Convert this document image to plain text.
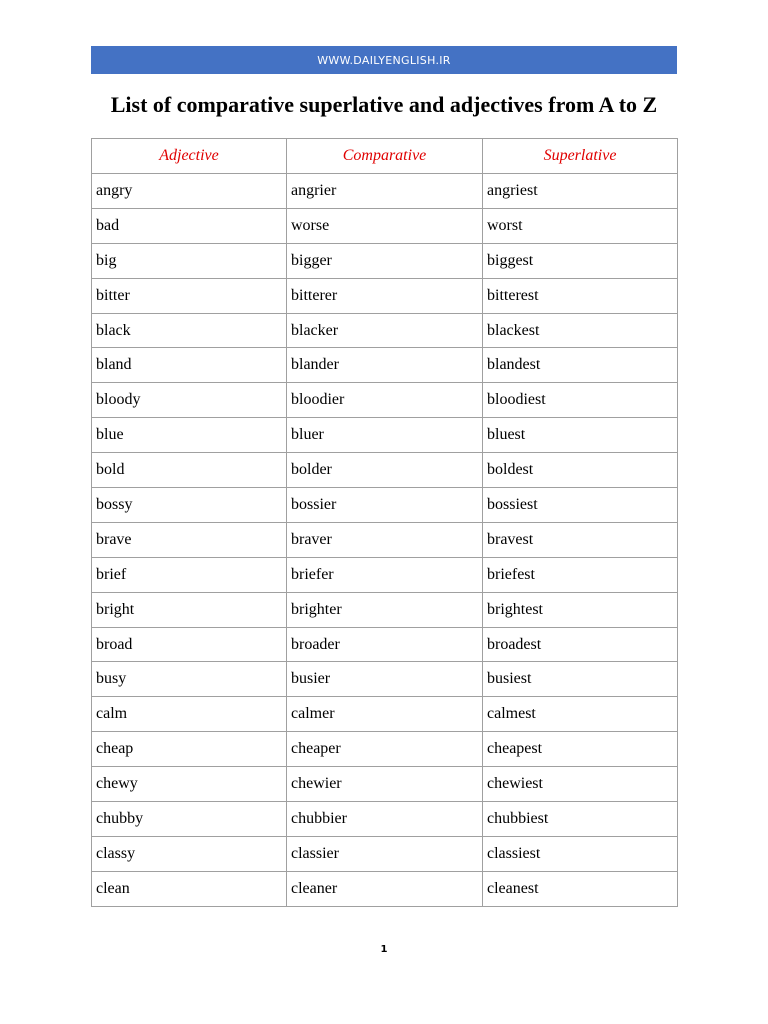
WWW.DAILYENGLISH.IR
List of comparative superlative and adjectives from A to Z
Adjective	Comparative	Superlative
angry	angrier	angriest
bad	worse	worst
big	bigger	biggest
bitter	bitterer	bitterest
black	blacker	blackest
bland	blander	blandest
bloody	bloodier	bloodiest
blue	bluer	bluest
bold	bolder	boldest
bossy	bossier	bossiest
brave	braver	bravest
brief	briefer	briefest
bright	brighter	brightest
broad	broader	broadest
busy	busier	busiest
calm	calmer	calmest
cheap	cheaper	cheapest
chewy	chewier	chewiest
chubby	chubbier	chubbiest
classy	classier	classiest
clean	cleaner	cleanest
1
